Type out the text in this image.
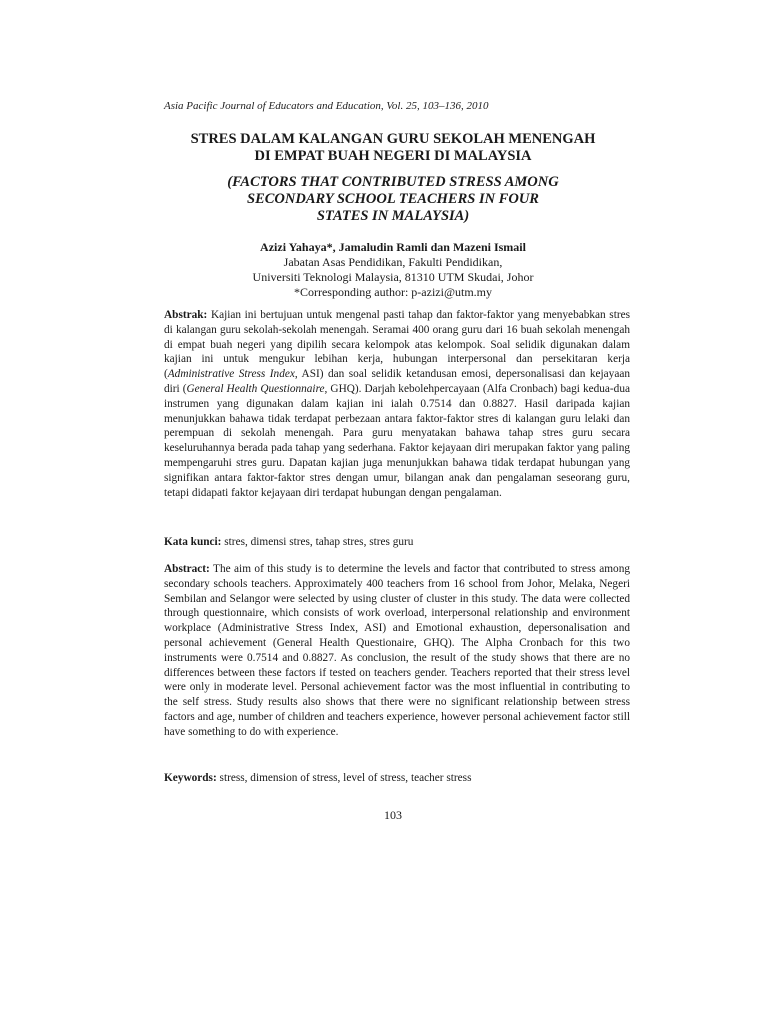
Asia Pacific Journal of Educators and Education, Vol. 25, 103–136, 2010
STRES DALAM KALANGAN GURU SEKOLAH MENENGAH
DI EMPAT BUAH NEGERI DI MALAYSIA
(FACTORS THAT CONTRIBUTED STRESS AMONG
SECONDARY SCHOOL TEACHERS IN FOUR
STATES IN MALAYSIA)
Azizi Yahaya*, Jamaludin Ramli dan Mazeni Ismail
Jabatan Asas Pendidikan, Fakulti Pendidikan,
Universiti Teknologi Malaysia, 81310 UTM Skudai, Johor
*Corresponding author: p-azizi@utm.my
Abstrak: Kajian ini bertujuan untuk mengenal pasti tahap dan faktor-faktor yang menyebabkan stres di kalangan guru sekolah-sekolah menengah. Seramai 400 orang guru dari 16 buah sekolah menengah di empat buah negeri yang dipilih secara kelompok atas kelompok. Soal selidik digunakan dalam kajian ini untuk mengukur lebihan kerja, hubungan interpersonal dan persekitaran kerja (Administrative Stress Index, ASI) dan soal selidik ketandusan emosi, depersonalisasi dan kejayaan diri (General Health Questionnaire, GHQ). Darjah kebolehpercayaan (Alfa Cronbach) bagi kedua-dua instrumen yang digunakan dalam kajian ini ialah 0.7514 dan 0.8827. Hasil daripada kajian menunjukkan bahawa tidak terdapat perbezaan antara faktor-faktor stres di kalangan guru lelaki dan perempuan di sekolah menengah. Para guru menyatakan bahawa tahap stres guru secara keseluruhannya berada pada tahap yang sederhana. Faktor kejayaan diri merupakan faktor yang paling mempengaruhi stres guru. Dapatan kajian juga menunjukkan bahawa tidak terdapat hubungan yang signifikan antara faktor-faktor stres dengan umur, bilangan anak dan pengalaman seseorang guru, tetapi didapati faktor kejayaan diri terdapat hubungan dengan pengalaman.
Kata kunci: stres, dimensi stres, tahap stres, stres guru
Abstract: The aim of this study is to determine the levels and factor that contributed to stress among secondary schools teachers. Approximately 400 teachers from 16 school from Johor, Melaka, Negeri Sembilan and Selangor were selected by using cluster of cluster in this study. The data were collected through questionnaire, which consists of work overload, interpersonal relationship and environment workplace (Administrative Stress Index, ASI) and Emotional exhaustion, depersonalisation and personal achievement (General Health Questionaire, GHQ). The Alpha Cronbach for this two instruments were 0.7514 and 0.8827. As conclusion, the result of the study shows that there are no differences between these factors if tested on teachers gender. Teachers reported that their stress level were only in moderate level. Personal achievement factor was the most influential in contributing to the self stress. Study results also shows that there were no significant relationship between stress factors and age, number of children and teachers experience, however personal achievement factor still have something to do with experience.
Keywords: stress, dimension of stress, level of stress, teacher stress
103
